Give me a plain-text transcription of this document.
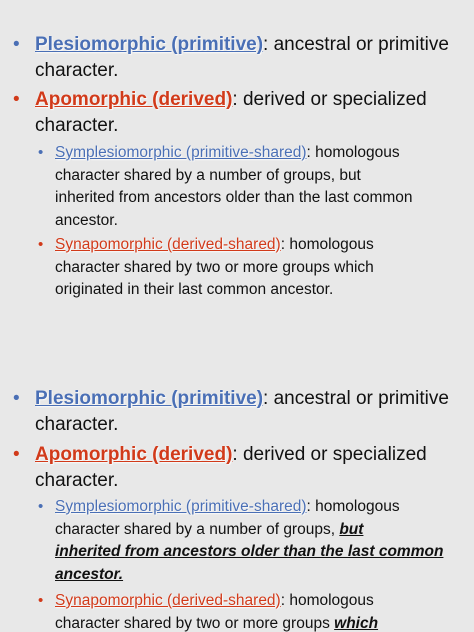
• Plesiomorphic (primitive): ancestral or primitive
character.
• Apomorphic (derived): derived or specialized
character.
• Symplesiomorphic (primitive-shared): homologous
character shared by a number of groups, but
inherited from ancestors older than the last common
ancestor.
• Synapomorphic (derived-shared): homologous
character shared by two or more groups which
originated in their last common ancestor.
• Plesiomorphic (primitive): ancestral or primitive
character.
• Apomorphic (derived): derived or specialized
character.
• Symplesiomorphic (primitive-shared): homologous
character shared by a number of groups, but
inherited from ancestors older than the last common
ancestor.
• Synapomorphic (derived-shared): homologous
character shared by two or more groups which
